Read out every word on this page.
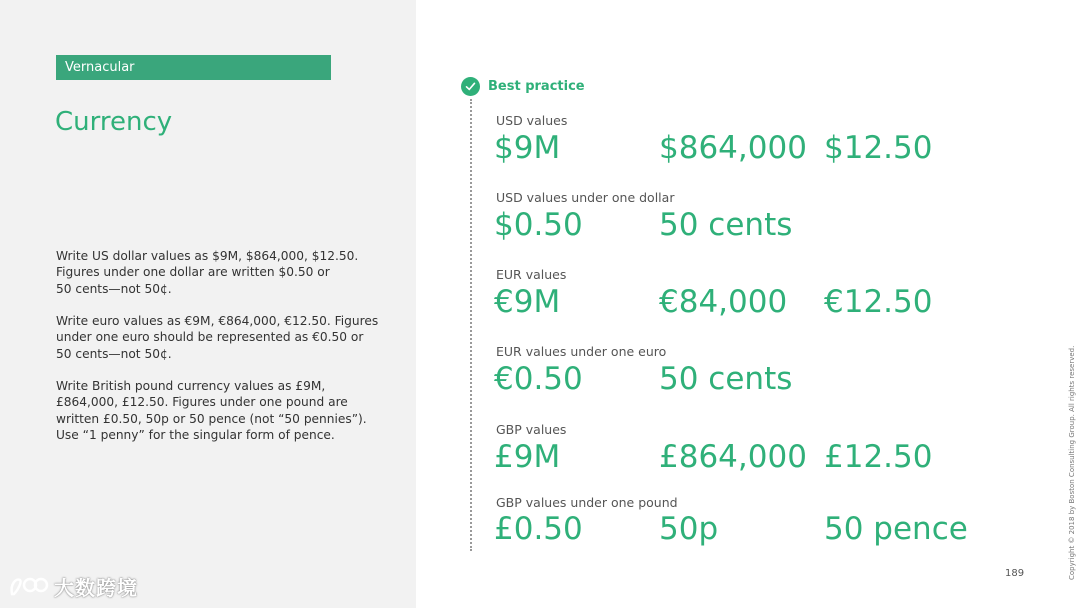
Vernacular
Currency

Write US dollar values as $9M, $864,000, $12.50.
Figures under one dollar are written $0.50 or
50 cents—not 50¢.

Write euro values as €9M, €864,000, €12.50. Figures
under one euro should be represented as €0.50 or
50 cents—not 50¢.

Write British pound currency values as £9M,
£864,000, £12.50. Figures under one pound are
written £0.50, 50p or 50 pence (not “50 pennies”).
Use “1 penny” for the singular form of pence.

大数跨境
Best practice
USD values
$9M	$864,000 $12.50
USD values under one dollar
$0.50 50 cents
EUR values
€9M	€84,000 €12.50
EUR values under one euro
€0.50 50 cents
GBP values
£9M	£864,000 £12.50
GBP values under one pound
£0.50 50p	50 pence	Copyright © 2018 by Boston Consulting Group. All rights reserved.
189
